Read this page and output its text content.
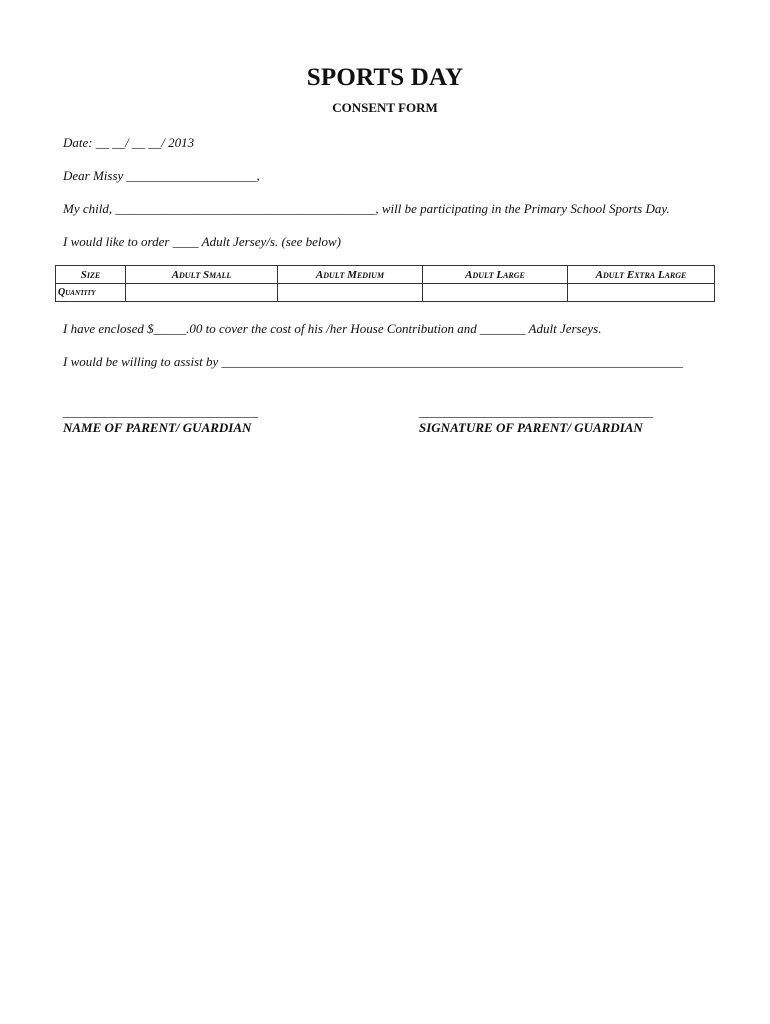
SPORTS DAY
CONSENT FORM
Date: __ __/ __ __/ 2013
Dear Missy ____________________,
My child, ________________________________________, will be participating in the Primary School Sports Day.
I would like to order ____ Adult Jersey/s. (see below)
Size	Adult Small	Adult Medium	Adult Large	Adult Extra Large
Quantity				
I have enclosed $_____.00 to cover the cost of his /her House Contribution and _______ Adult Jerseys.
I would be willing to assist by _______________________________________________________________________
______________________________	____________________________________
NAME OF PARENT/ GUARDIAN	SIGNATURE OF PARENT/ GUARDIAN
